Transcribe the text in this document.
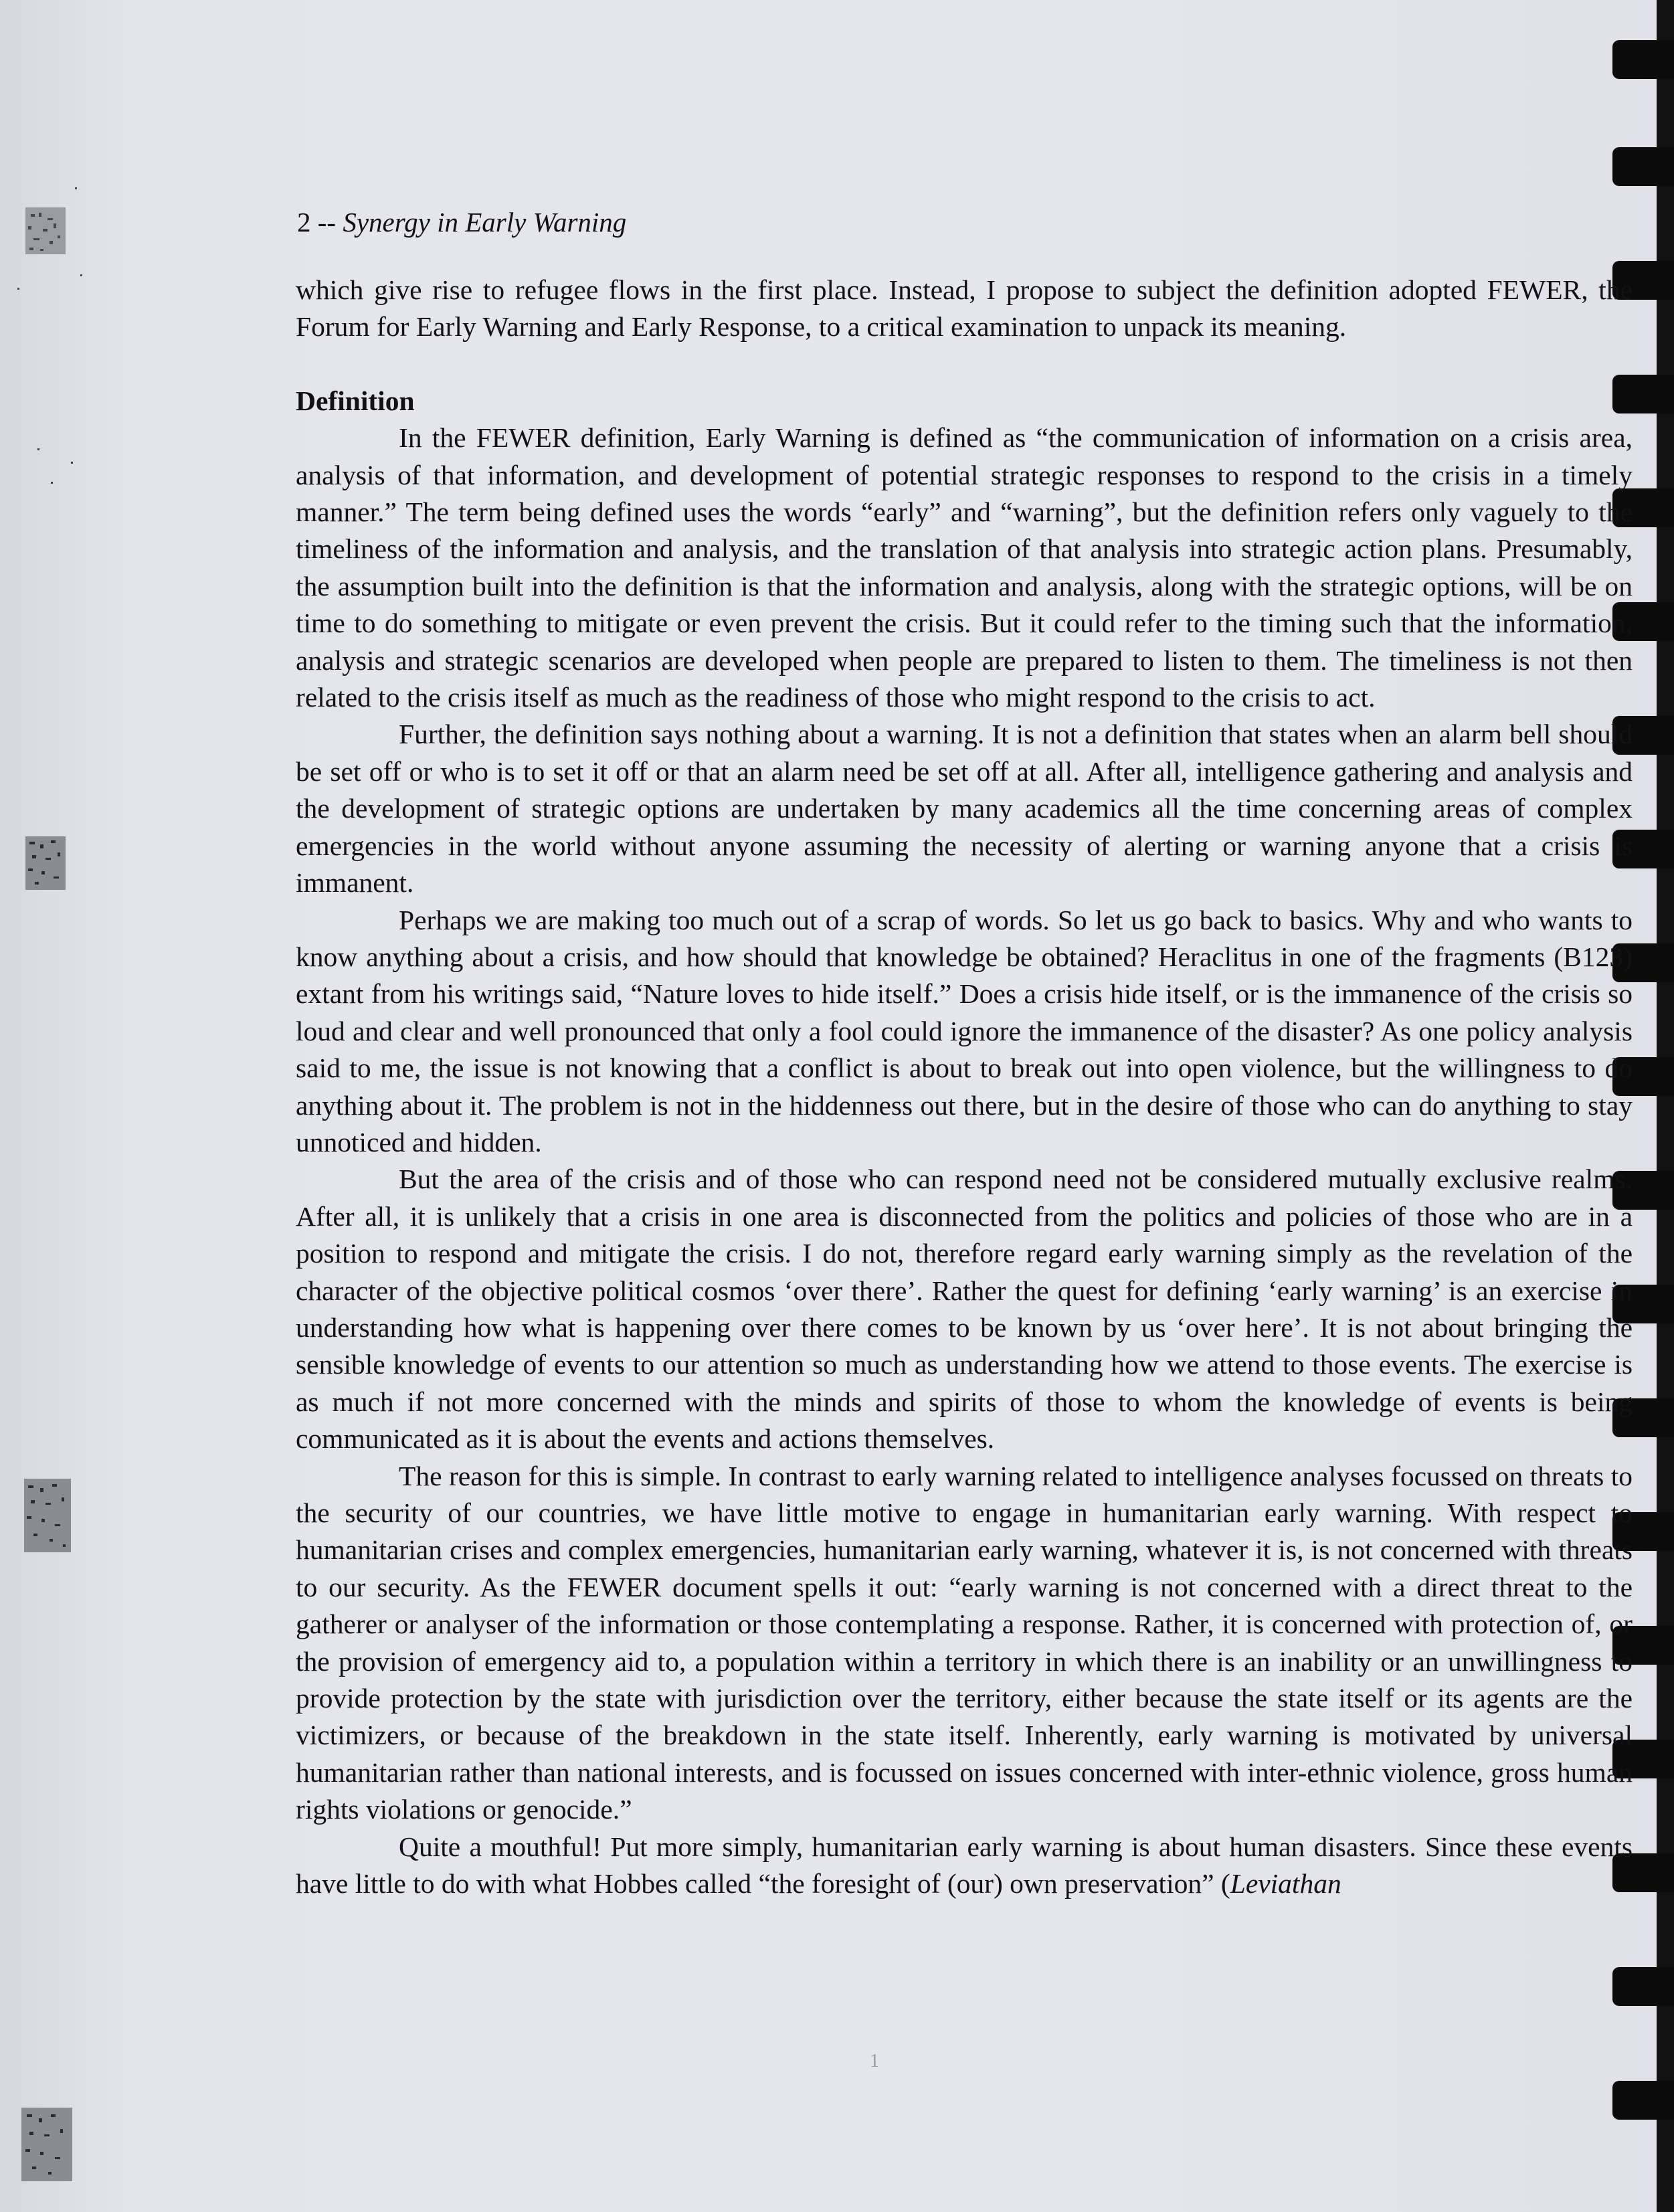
2 -- Synergy in Early Warning

which give rise to refugee flows in the first place. Instead, I propose to subject the definition adopted FEWER, the Forum for Early Warning and Early Response, to a critical examination to unpack its meaning.

Definition

In the FEWER definition, Early Warning is defined as “the communication of information on a crisis area, analysis of that information, and development of potential strategic responses to respond to the crisis in a timely manner.” The term being defined uses the words “early” and “warning”, but the definition refers only vaguely to the timeliness of the information and analysis, and the translation of that analysis into strategic action plans. Presumably, the assumption built into the definition is that the information and analysis, along with the strategic options, will be on time to do something to mitigate or even prevent the crisis. But it could refer to the timing such that the information, analysis and strategic scenarios are developed when people are prepared to listen to them. The timeliness is not then related to the crisis itself as much as the readiness of those who might respond to the crisis to act.

Further, the definition says nothing about a warning. It is not a definition that states when an alarm bell should be set off or who is to set it off or that an alarm need be set off at all. After all, intelligence gathering and analysis and the development of strategic options are undertaken by many academics all the time concerning areas of complex emergencies in the world without anyone assuming the necessity of alerting or warning anyone that a crisis is immanent.

Perhaps we are making too much out of a scrap of words. So let us go back to basics. Why and who wants to know anything about a crisis, and how should that knowledge be obtained? Heraclitus in one of the fragments (B123) extant from his writings said, “Nature loves to hide itself.” Does a crisis hide itself, or is the immanence of the crisis so loud and clear and well pronounced that only a fool could ignore the immanence of the disaster? As one policy analysis said to me, the issue is not knowing that a conflict is about to break out into open violence, but the willingness to do anything about it. The problem is not in the hiddenness out there, but in the desire of those who can do anything to stay unnoticed and hidden.

But the area of the crisis and of those who can respond need not be considered mutually exclusive realms. After all, it is unlikely that a crisis in one area is disconnected from the politics and policies of those who are in a position to respond and mitigate the crisis. I do not, therefore regard early warning simply as the revelation of the character of the objective political cosmos ‘over there’. Rather the quest for defining ‘early warning’ is an exercise in understanding how what is happening over there comes to be known by us ‘over here’. It is not about bringing the sensible knowledge of events to our attention so much as understanding how we attend to those events. The exercise is as much if not more concerned with the minds and spirits of those to whom the knowledge of events is being communicated as it is about the events and actions themselves.

The reason for this is simple. In contrast to early warning related to intelligence analyses focussed on threats to the security of our countries, we have little motive to engage in humanitarian early warning. With respect to humanitarian crises and complex emergencies, humanitarian early warning, whatever it is, is not concerned with threats to our security. As the FEWER document spells it out: “early warning is not concerned with a direct threat to the gatherer or analyser of the information or those contemplating a response. Rather, it is concerned with protection of, or the provision of emergency aid to, a population within a territory in which there is an inability or an unwillingness to provide protection by the state with jurisdiction over the territory, either because the state itself or its agents are the victimizers, or because of the breakdown in the state itself. Inherently, early warning is motivated by universal humanitarian rather than national interests, and is focussed on issues concerned with inter-ethnic violence, gross human rights violations or genocide.”

Quite a mouthful! Put more simply, humanitarian early warning is about human disasters. Since these events have little to do with what Hobbes called “the foresight of (our) own preservation” (Leviathan

1
